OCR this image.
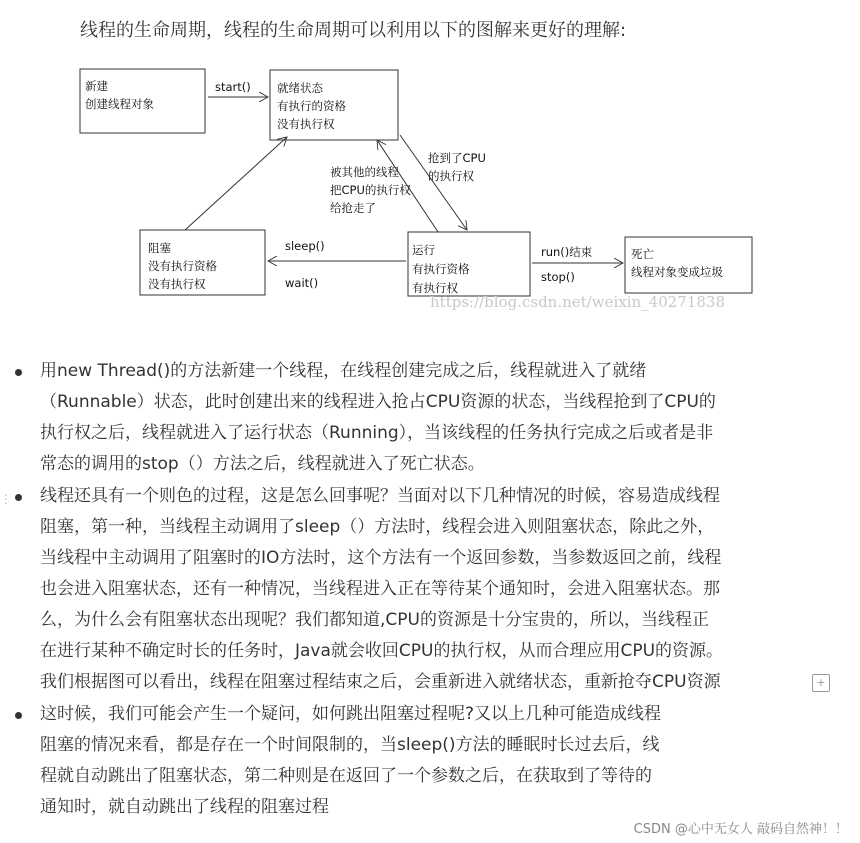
线程的生命周期，线程的生命周期可以利用以下的图解来更好的理解:
新建
创建线程对象
就绪状态
有执行的资格
没有执行权
阻塞
没有执行资格
没有执行权
运行
有执行资格
有执行权
死亡
线程对象变成垃圾
start()
抢到了CPU
的执行权
被其他的线程
把CPU的执行权
给抢走了
sleep()
wait()
run()结束
stop()
https://blog.csdn.net/weixin_40271838
用new Thread()的方法新建一个线程，在线程创建完成之后，线程就进入了就绪
（Runnable）状态，此时创建出来的线程进入抢占CPU资源的状态，当线程抢到了CPU的
执行权之后，线程就进入了运行状态（Running），当该线程的任务执行完成之后或者是非
常态的调用的stop（）方法之后，线程就进入了死亡状态。
线程还具有一个则色的过程，这是怎么回事呢？当面对以下几种情况的时候，容易造成线程
阻塞，第一种，当线程主动调用了sleep（）方法时，线程会进入则阻塞状态，除此之外，
当线程中主动调用了阻塞时的IO方法时，这个方法有一个返回参数，当参数返回之前，线程
也会进入阻塞状态，还有一种情况，当线程进入正在等待某个通知时，会进入阻塞状态。那
么，为什么会有阻塞状态出现呢？我们都知道,CPU的资源是十分宝贵的，所以，当线程正
在进行某种不确定时长的任务时，Java就会收回CPU的执行权，从而合理应用CPU的资源。
我们根据图可以看出，线程在阻塞过程结束之后，会重新进入就绪状态，重新抢夺CPU资源
这时候，我们可能会产生一个疑问，如何跳出阻塞过程呢?又以上几种可能造成线程
阻塞的情况来看，都是存在一个时间限制的，当sleep()方法的睡眠时长过去后，线
程就自动跳出了阻塞状态，第二种则是在返回了一个参数之后，在获取到了等待的
通知时，就自动跳出了线程的阻塞过程
⋮
+
CSDN @心中无女人 敲码自然神！！
